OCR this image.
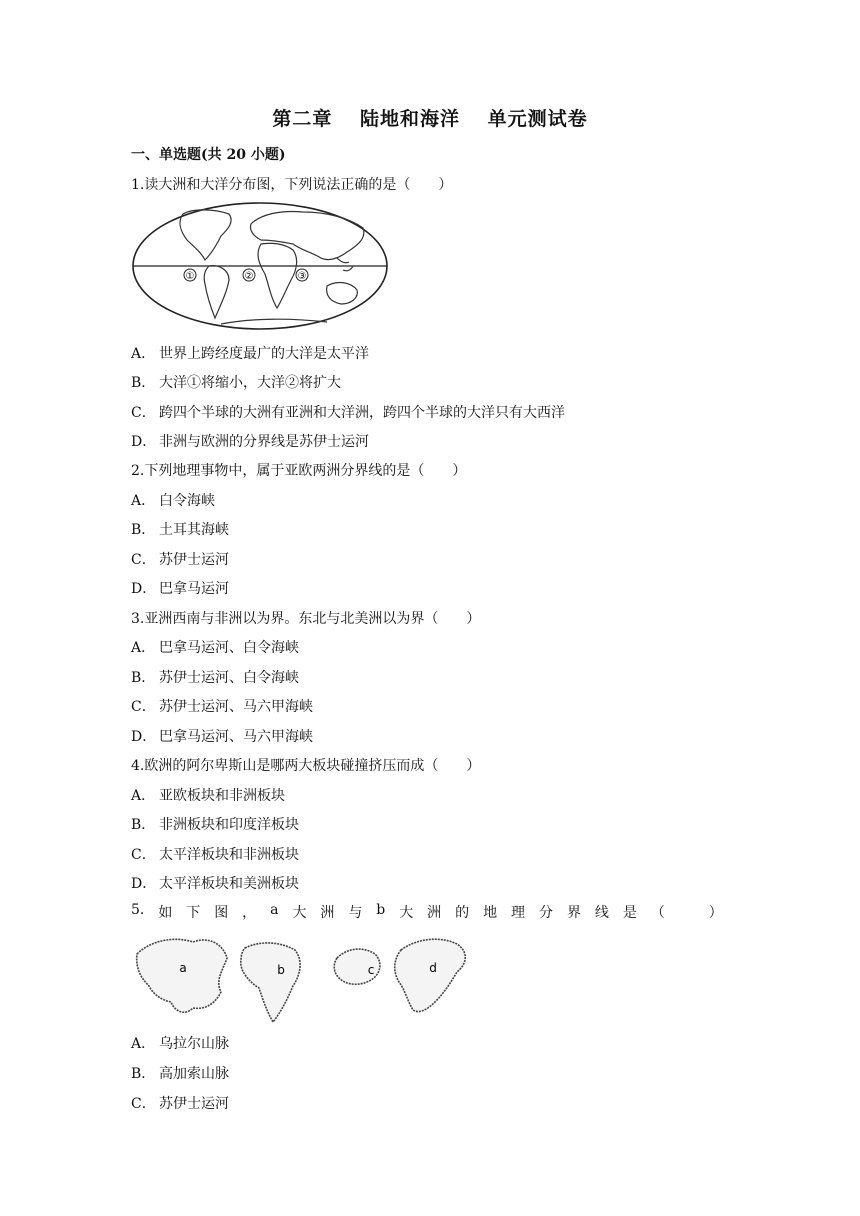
第二章 陆地和海洋 单元测试卷
一、单选题(共 20 小题)
1.读大洲和大洋分布图，下列说法正确的是（　　）
①	②	③
A． 世界上跨经度最广的大洋是太平洋
B． 大洋①将缩小，大洋②将扩大
C． 跨四个半球的大洲有亚洲和大洋洲，跨四个半球的大洋只有大西洋
D． 非洲与欧洲的分界线是苏伊士运河
2.下列地理事物中，属于亚欧两洲分界线的是（　　）
A． 白令海峡
B． 土耳其海峡
C． 苏伊士运河
D． 巴拿马运河
3.亚洲西南与非洲以为界。东北与北美洲以为界（　　）
A． 巴拿马运河、白令海峡
B． 苏伊士运河、白令海峡
C． 苏伊士运河、马六甲海峡
D． 巴拿马运河、马六甲海峡
4.欧洲的阿尔卑斯山是哪两大板块碰撞挤压而成（　　）
A． 亚欧板块和非洲板块
B． 非洲板块和印度洋板块
C． 太平洋板块和非洲板块
D． 太平洋板块和美洲板块
5. 如 下 图 ， a 大 洲 与 b 大 洲 的 地 理 分 界 线 是 （	）
a	b	c	d
A． 乌拉尔山脉
B． 高加索山脉
C． 苏伊士运河
